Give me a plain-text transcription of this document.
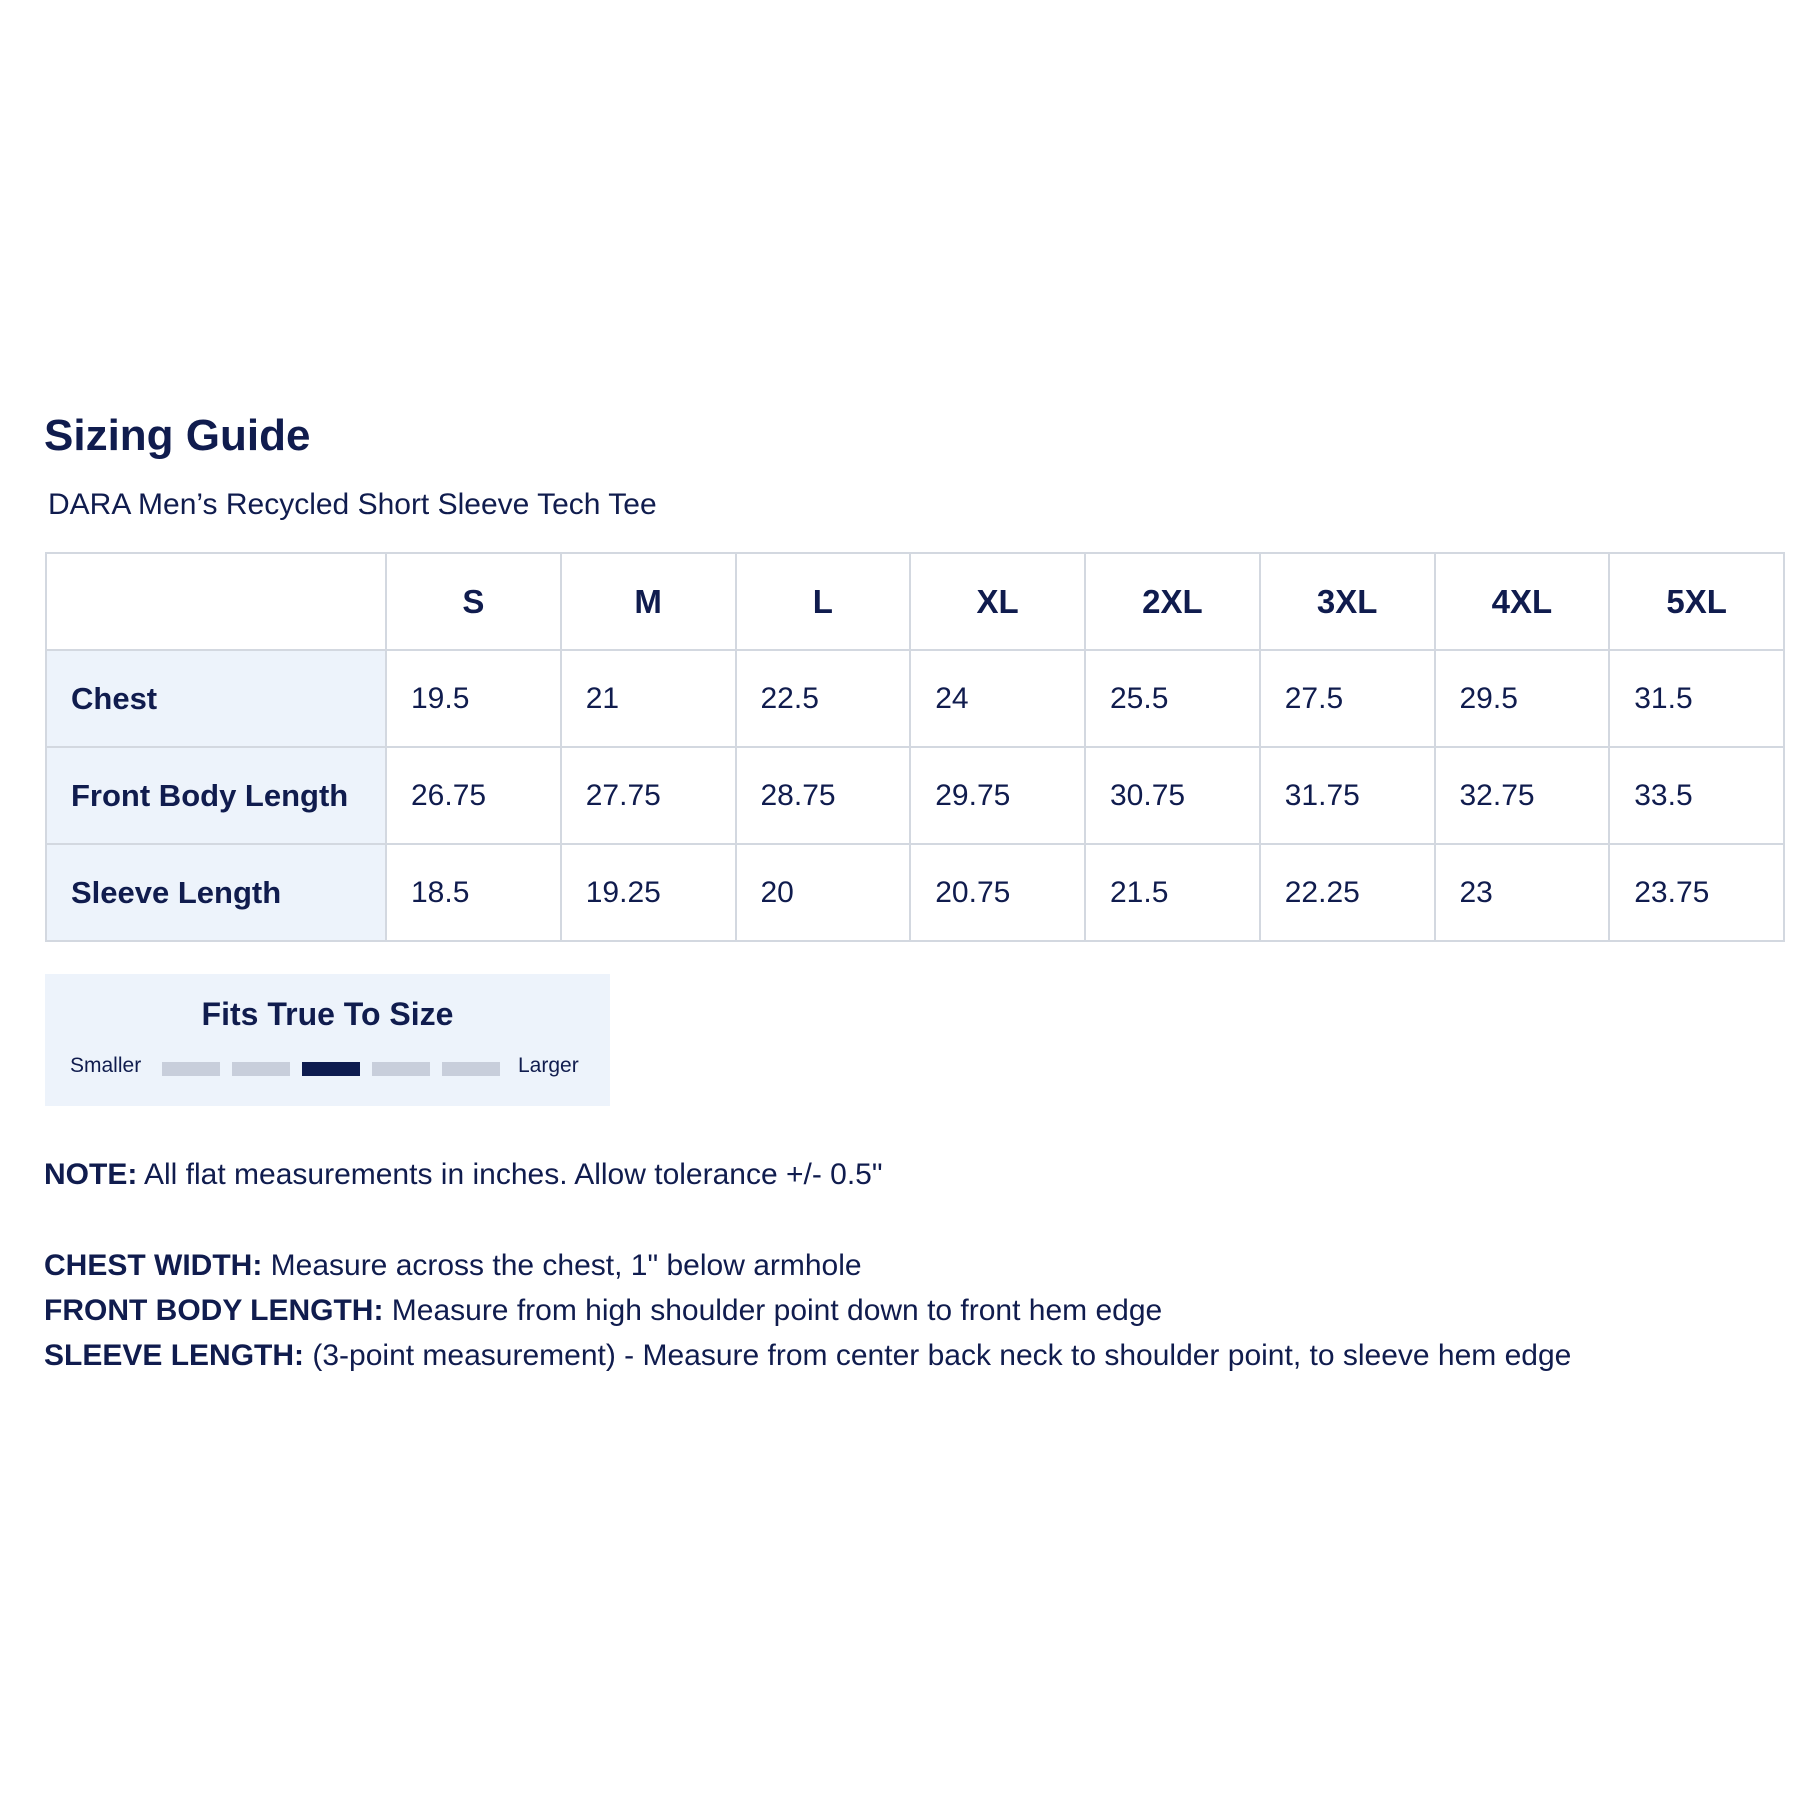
Sizing Guide

DARA Men’s Recycled Short Sleeve Tech Tee

	S	M	L	XL	2XL	3XL	4XL	5XL
Chest	19.5	21	22.5	24	25.5	27.5	29.5	31.5
Front Body Length	26.75	27.75	28.75	29.75	30.75	31.75	32.75	33.5
Sleeve Length	18.5	19.25	20	20.75	21.5	22.25	23	23.75
Fits True To Size
Smaller	Larger
NOTE: All flat measurements in inches. Allow tolerance +/- 0.5"
CHEST WIDTH: Measure across the chest, 1" below armhole
FRONT BODY LENGTH: Measure from high shoulder point down to front hem edge
SLEEVE LENGTH: (3-point measurement) - Measure from center back neck to shoulder point, to sleeve hem edge
